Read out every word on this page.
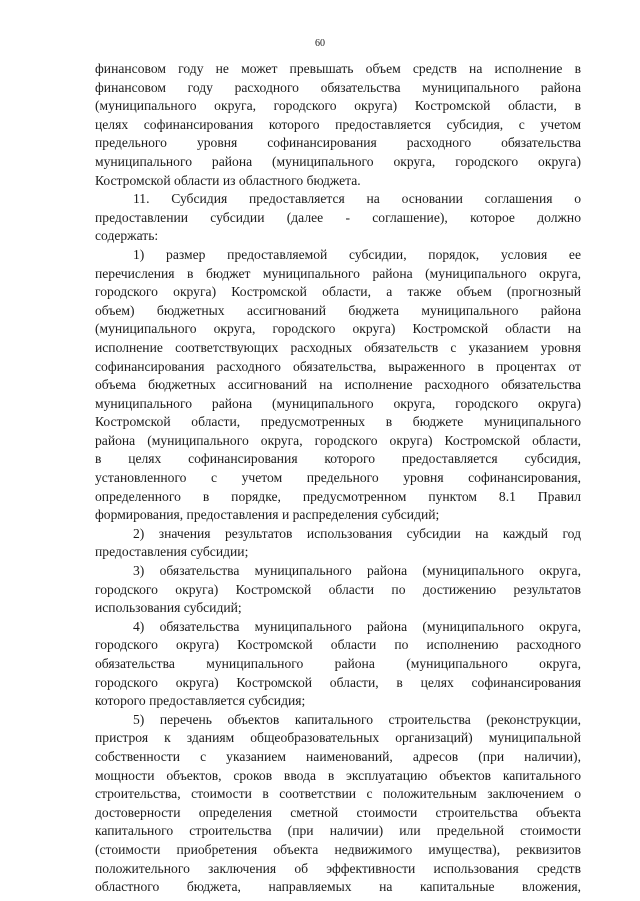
60
финансовом году не может превышать объем средств на исполнение в
финансовом году расходного обязательства муниципального района
(муниципального округа, городского округа) Костромской области, в
целях софинансирования которого предоставляется субсидия, с учетом
предельного уровня софинансирования расходного обязательства
муниципального района (муниципального округа, городского округа)
Костромской области из областного бюджета.
11. Субсидия предоставляется на основании соглашения о
предоставлении субсидии (далее - соглашение), которое должно
содержать:
1) размер предоставляемой субсидии, порядок, условия ее
перечисления в бюджет муниципального района (муниципального округа,
городского округа) Костромской области, а также объем (прогнозный
объем) бюджетных ассигнований бюджета муниципального района
(муниципального округа, городского округа) Костромской области на
исполнение соответствующих расходных обязательств с указанием уровня
софинансирования расходного обязательства, выраженного в процентах от
объема бюджетных ассигнований на исполнение расходного обязательства
муниципального района (муниципального округа, городского округа)
Костромской области, предусмотренных в бюджете муниципального
района (муниципального округа, городского округа) Костромской области,
в целях софинансирования которого предоставляется субсидия,
установленного с учетом предельного уровня софинансирования,
определенного в порядке, предусмотренном пунктом 8.1 Правил
формирования, предоставления и распределения субсидий;
2) значения результатов использования субсидии на каждый год
предоставления субсидии;
3) обязательства муниципального района (муниципального округа,
городского округа) Костромской области по достижению результатов
использования субсидий;
4) обязательства муниципального района (муниципального округа,
городского округа) Костромской области по исполнению расходного
обязательства муниципального района (муниципального округа,
городского округа) Костромской области, в целях софинансирования
которого предоставляется субсидия;
5) перечень объектов капитального строительства (реконструкции,
пристроя к зданиям общеобразовательных организаций) муниципальной
собственности с указанием наименований, адресов (при наличии),
мощности объектов, сроков ввода в эксплуатацию объектов капитального
строительства, стоимости в соответствии с положительным заключением о
достоверности определения сметной стоимости строительства объекта
капитального строительства (при наличии) или предельной стоимости
(стоимости приобретения объекта недвижимого имущества), реквизитов
положительного заключения об эффективности использования средств
областного бюджета, направляемых на капитальные вложения,
